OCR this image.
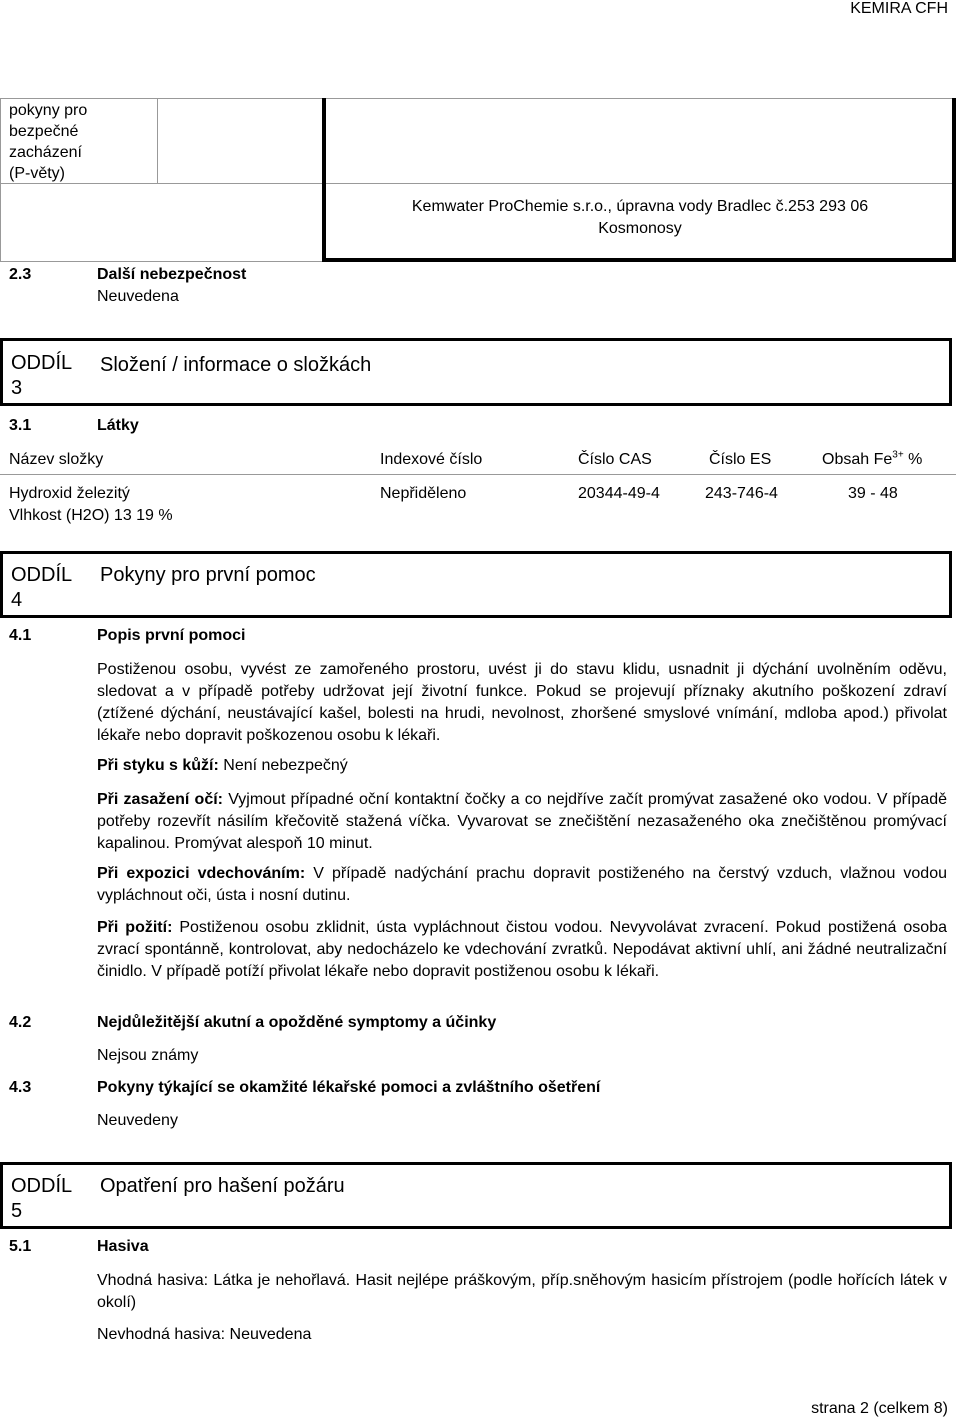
KEMIRA CFH
pokyny pro
bezpečné
zacházení
(P-věty)
Kemwater ProChemie s.r.o., úpravna vody Bradlec č.253 293 06
Kosmonosy
2.3	Další nebezpečnost
Neuvedena
ODDÍL
3
Složení / informace o složkách
3.1	Látky
Název složky	Indexové číslo	Číslo CAS	Číslo ES	Obsah $Fe^{3+}$ %
Hydroxid železitý	Nepřiděleno	20344-49-4	243-746-4	39 - 48
Vlhkost (H2O) 13 19 %
ODDÍL
4
Pokyny pro první pomoc
4.1	Popis první pomoci
Postiženou osobu, vyvést ze zamořeného prostoru, uvést ji do stavu klidu, usnadnit ji dýchání uvolněním oděvu, sledovat a v případě potřeby udržovat její životní funkce. Pokud se projevují příznaky akutního poškození zdraví (ztížené dýchání, neustávající kašel, bolesti na hrudi, nevolnost, zhoršené smyslové vnímání, mdloba apod.) přivolat lékaře nebo dopravit poškozenou osobu k lékaři.
Při styku s kůží: Není nebezpečný
Při zasažení očí: Vyjmout případné oční kontaktní čočky a co nejdříve začít promývat zasažené oko vodou. V případě potřeby rozevřít násilím křečovitě stažená víčka. Vyvarovat se znečištění nezasaženého oka znečištěnou promývací kapalinou. Promývat alespoň 10 minut.
Při expozici vdechováním: V případě nadýchání prachu dopravit postiženého na čerstvý vzduch, vlažnou vodou vypláchnout oči, ústa i nosní dutinu.
Při požití: Postiženou osobu zklidnit, ústa vypláchnout čistou vodou. Nevyvolávat zvracení. Pokud postižená osoba zvrací spontánně, kontrolovat, aby nedocházelo ke vdechování zvratků. Nepodávat aktivní uhlí, ani žádné neutralizační činidlo. V případě potíží přivolat lékaře nebo dopravit postiženou osobu k lékaři.
4.2	Nejdůležitější akutní a opožděné symptomy a účinky
Nejsou známy
4.3	Pokyny týkající se okamžité lékařské pomoci a zvláštního ošetření
Neuvedeny
ODDÍL
5
Opatření pro hašení požáru
5.1	Hasiva
Vhodná hasiva: Látka je nehořlavá. Hasit nejlépe práškovým, příp.sněhovým hasicím přístrojem (podle hořících látek v okolí)
Nevhodná hasiva: Neuvedena
strana 2 (celkem 8)
